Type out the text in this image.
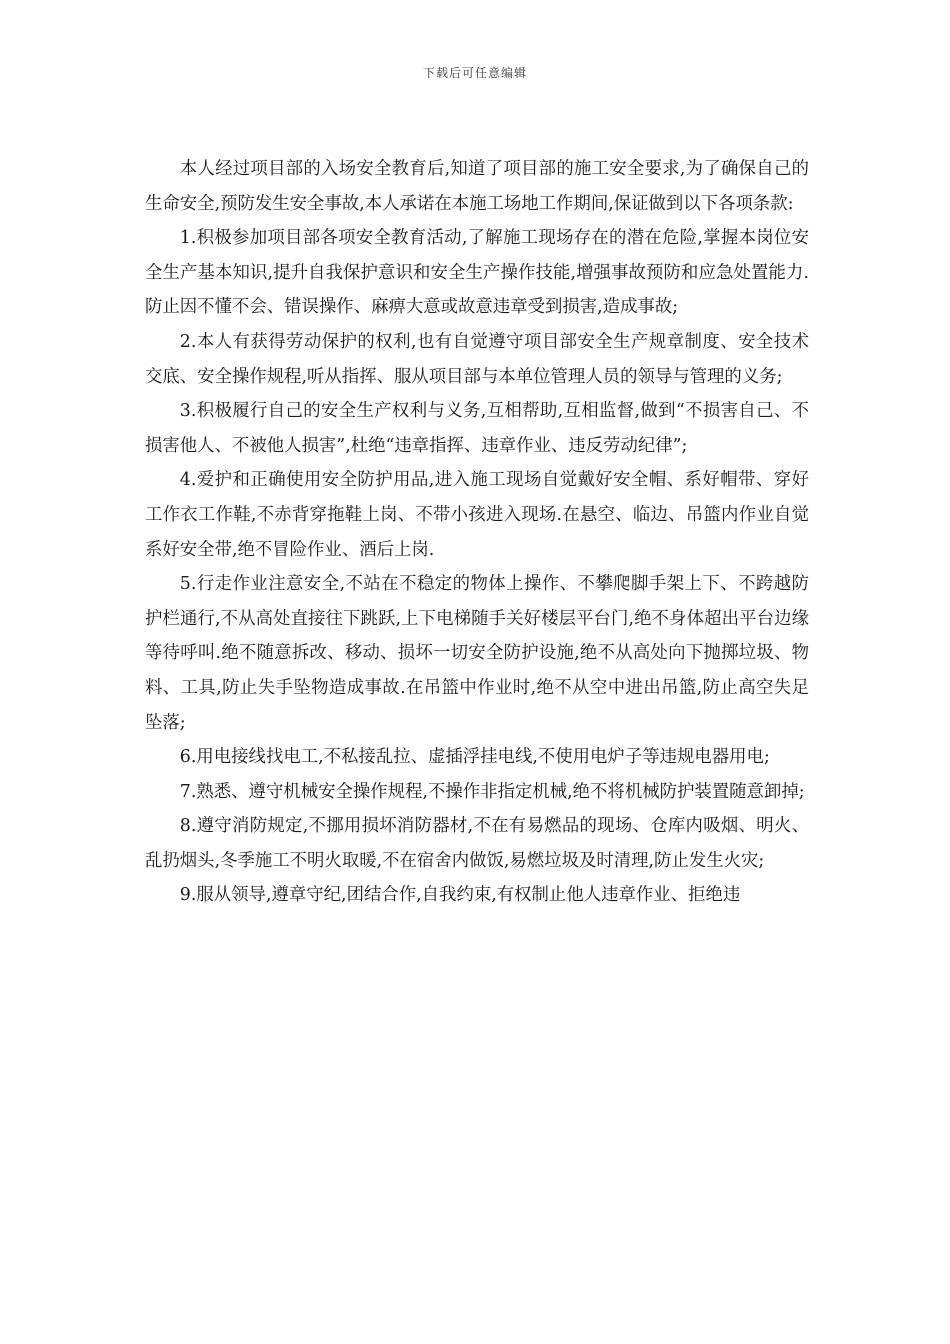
下载后可任意编辑

本人经过项目部的入场安全教育后,知道了项目部的施工安全要求,为了确保自己的生命安全,预防发生安全事故,本人承诺在本施工场地工作期间,保证做到以下各项条款:

1.积极参加项目部各项安全教育活动,了解施工现场存在的潜在危险,掌握本岗位安全生产基本知识,提升自我保护意识和安全生产操作技能,增强事故预防和应急处置能力.防止因不懂不会、错误操作、麻痹大意或故意违章受到损害,造成事故;

2.本人有获得劳动保护的权利,也有自觉遵守项目部安全生产规章制度、安全技术交底、安全操作规程,听从指挥、服从项目部与本单位管理人员的领导与管理的义务;

3.积极履行自己的安全生产权利与义务,互相帮助,互相监督,做到“不损害自己、不损害他人、不被他人损害”,杜绝“违章指挥、违章作业、违反劳动纪律”;

4.爱护和正确使用安全防护用品,进入施工现场自觉戴好安全帽、系好帽带、穿好工作衣工作鞋,不赤背穿拖鞋上岗、不带小孩进入现场.在悬空、临边、吊篮内作业自觉系好安全带,绝不冒险作业、酒后上岗.

5.行走作业注意安全,不站在不稳定的物体上操作、不攀爬脚手架上下、不跨越防护栏通行,不从高处直接往下跳跃,上下电梯随手关好楼层平台门,绝不身体超出平台边缘等待呼叫.绝不随意拆改、移动、损坏一切安全防护设施,绝不从高处向下抛掷垃圾、物料、工具,防止失手坠物造成事故.在吊篮中作业时,绝不从空中进出吊篮,防止高空失足坠落;

6.用电接线找电工,不私接乱拉、虚插浮挂电线,不使用电炉子等违规电器用电;

7.熟悉、遵守机械安全操作规程,不操作非指定机械,绝不将机械防护装置随意卸掉;

8.遵守消防规定,不挪用损坏消防器材,不在有易燃品的现场、仓库内吸烟、明火、乱扔烟头,冬季施工不明火取暖,不在宿舍内做饭,易燃垃圾及时清理,防止发生火灾;

9.服从领导,遵章守纪,团结合作,自我约束,有权制止他人违章作业、拒绝违
